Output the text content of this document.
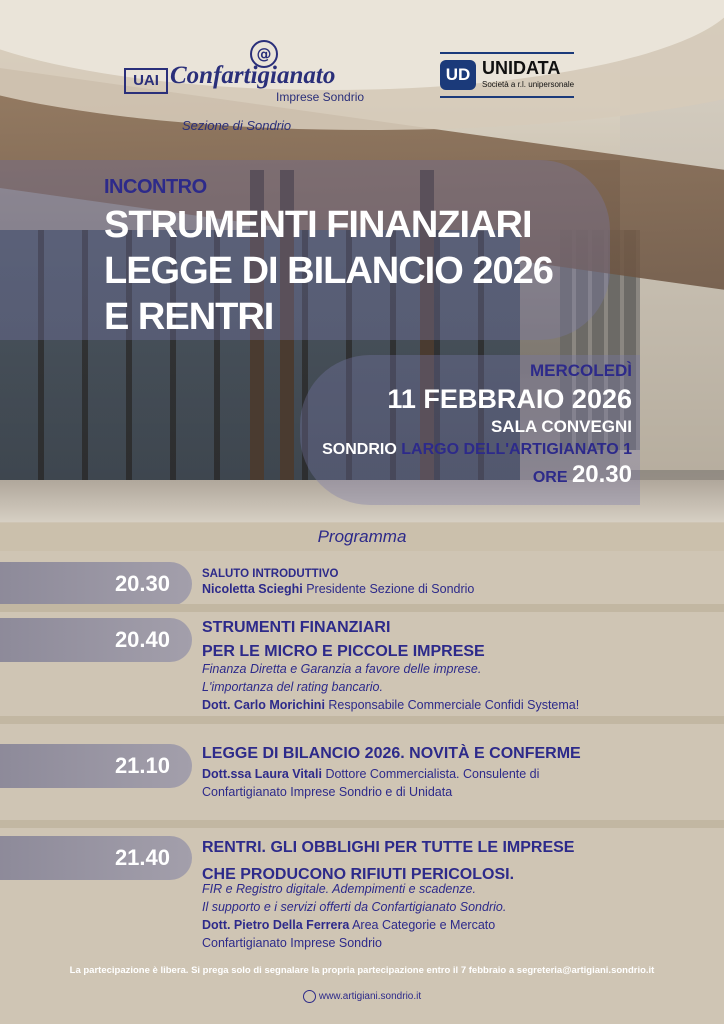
@
UAI Confartigianato
Imprese Sondrio
Sezione di Sondrio
UD UNIDATA
Società a r.l. unipersonale
INCONTRO
STRUMENTI FINANZIARI
LEGGE DI BILANCIO 2026
E RENTRI
MERCOLEDÌ
11 FEBBRAIO 2026
SALA CONVEGNI
SONDRIO LARGO DELL'ARTIGIANATO 1
ORE 20.30
Programma
20.30	SALUTO INTRODUTTIVO
Nicoletta Scieghi Presidente Sezione di Sondrio
20.40 STRUMENTI FINANZIARI
PER LE MICRO E PICCOLE IMPRESE
Finanza Diretta e Garanzia a favore delle imprese.
L'importanza del rating bancario.
Dott. Carlo Morichini Responsabile Commerciale Confidi Systema!
21.10 LEGGE DI BILANCIO 2026. NOVITÀ E CONFERME
Dott.ssa Laura Vitali Dottore Commercialista. Consulente di
Confartigianato Imprese Sondrio e di Unidata
21.40 RENTRI. GLI OBBLIGHI PER TUTTE LE IMPRESE
CHE PRODUCONO RIFIUTI PERICOLOSI.
FIR e Registro digitale. Adempimenti e scadenze.
Il supporto e i servizi offerti da Confartigianato Sondrio.
Dott. Pietro Della Ferrera Area Categorie e Mercato
Confartigianato Imprese Sondrio
La partecipazione è libera. Si prega solo di segnalare la propria partecipazione entro il 7 febbraio a segreteria@artigiani.sondrio.it
www.artigiani.sondrio.it
